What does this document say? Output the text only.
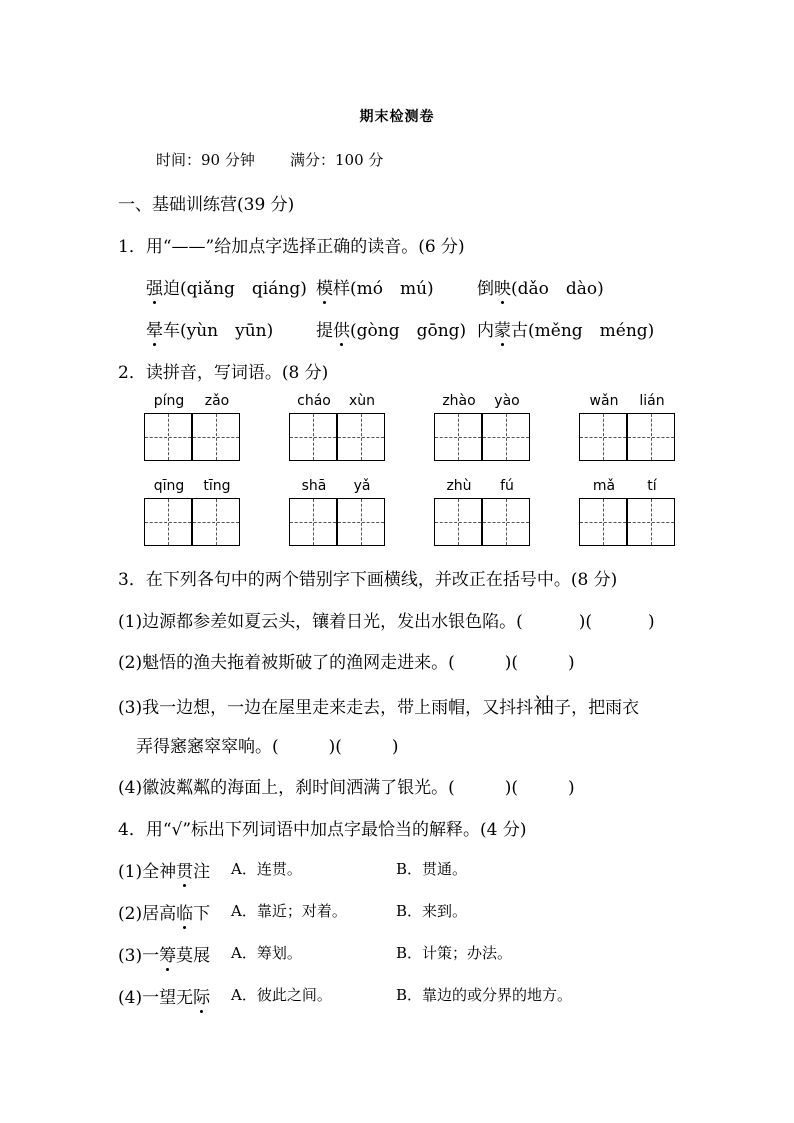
期末检测卷
时间：90 分钟 满分：100 分
一、基础训练营(39 分)
1．用“——”给加点字选择正确的读音。(6 分)
强迫(qiǎng　qiáng) 模样(mó　mú)	倒映(dǎo　dào)
晕车(yùn　yūn)	提供(gòng　gōng) 内蒙古(měng　méng)
2．读拼音，写词语。(8 分)
píng	zǎo	cháo	xùn	zhào	yào	wǎn	lián
qīng	tīng	shā	yǎ	zhù	fú	mǎ	tí
3．在下列各句中的两个错别字下画横线，并改正在括号中。(8 分)
(1)边源都参差如夏云头，镶着日光，发出水银色陷。(	)(	)
(2)魁悟的渔夫拖着被斯破了的渔网走进来。(	)(	)
(3)我一边想，一边在屋里走来走去，带上雨帽，又抖抖袖子，把雨衣
弄得窸窸窣窣响。(	)(	)
(4)徽波粼粼的海面上，刹时间洒满了银光。(	)(	)
4．用“√”标出下列词语中加点字最恰当的解释。(4 分)
(1)全神贯注 A．连贯。	B．贯通。
(2)居高临下 A．靠近；对着。	B．来到。
(3)一筹莫展 A．筹划。	B．计策；办法。
(4)一望无际 A．彼此之间。	B．靠边的或分界的地方。
